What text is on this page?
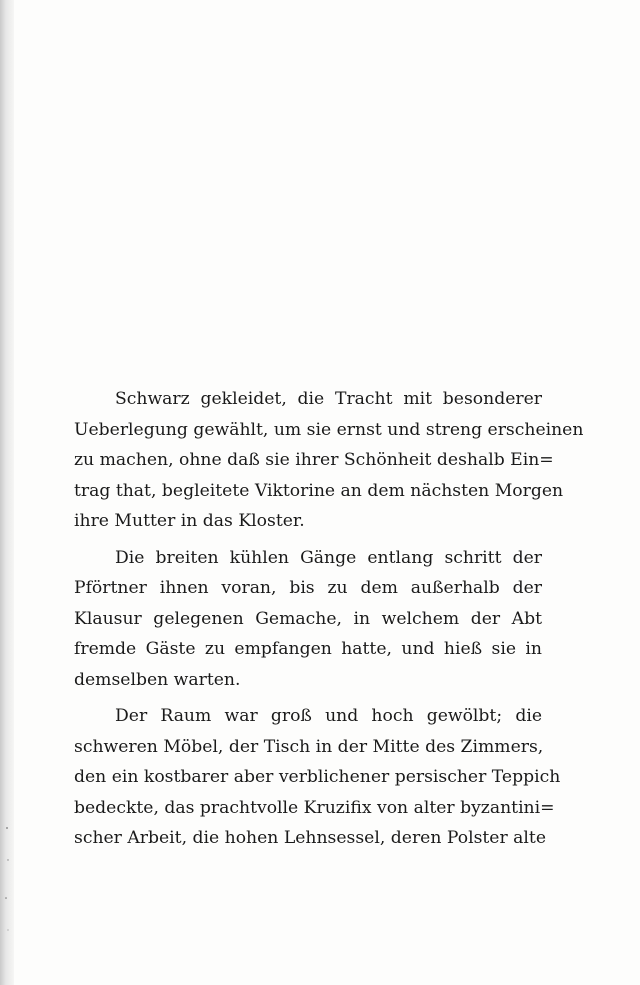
Schwarz gekleidet, die Tracht mit besonderer
Ueberlegung gewählt, um sie ernst und streng erscheinen
zu machen, ohne daß sie ihrer Schönheit deshalb Ein=
trag that, begleitete Viktorine an dem nächsten Morgen
ihre Mutter in das Kloster.
Die breiten kühlen Gänge entlang schritt der
Pförtner ihnen voran, bis zu dem außerhalb der
Klausur gelegenen Gemache, in welchem der Abt
fremde Gäste zu empfangen hatte, und hieß sie in
demselben warten.
Der Raum war groß und hoch gewölbt; die
schweren Möbel, der Tisch in der Mitte des Zimmers,
den ein kostbarer aber verblichener persischer Teppich
bedeckte, das prachtvolle Kruzifix von alter byzantini=
scher Arbeit, die hohen Lehnsessel, deren Polster alte
